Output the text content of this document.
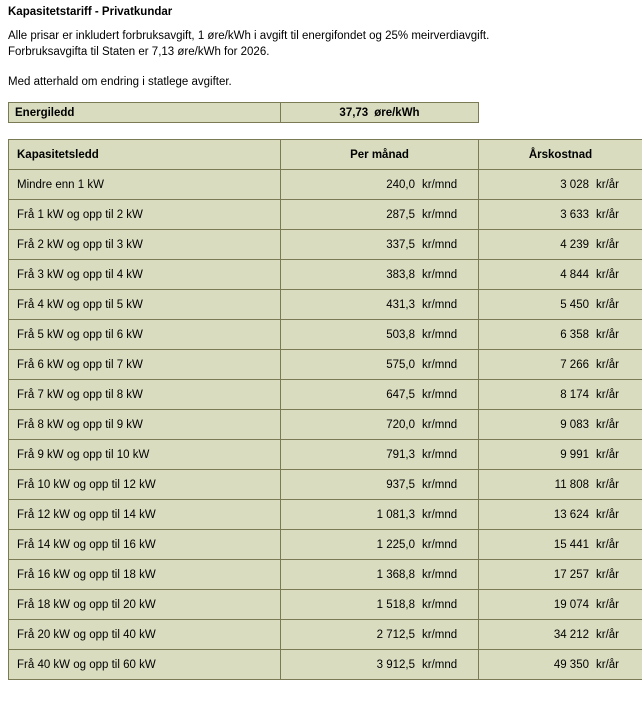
Kapasitetstariff - Privatkundar
Alle prisar er inkludert forbruksavgift, 1 øre/kWh i avgift til energifondet og 25% meirverdiavgift.
Forbruksavgifta til Staten er 7,13 øre/kWh for 2026.
Med atterhald om endring i statlege avgifter.
Energiledd	37,73 øre/kWh
Kapasitetsledd	Per månad	Årskostnad
Mindre enn 1 kW	240,0 kr/mnd	3 028 kr/år
Frå 1 kW og opp til 2 kW	287,5 kr/mnd	3 633 kr/år
Frå 2 kW og opp til 3 kW	337,5 kr/mnd	4 239 kr/år
Frå 3 kW og opp til 4 kW	383,8 kr/mnd	4 844 kr/år
Frå 4 kW og opp til 5 kW	431,3 kr/mnd	5 450 kr/år
Frå 5 kW og opp til 6 kW	503,8 kr/mnd	6 358 kr/år
Frå 6 kW og opp til 7 kW	575,0 kr/mnd	7 266 kr/år
Frå 7 kW og opp til 8 kW	647,5 kr/mnd	8 174 kr/år
Frå 8 kW og opp til 9 kW	720,0 kr/mnd	9 083 kr/år
Frå 9 kW og opp til 10 kW	791,3 kr/mnd	9 991 kr/år
Frå 10 kW og opp til 12 kW	937,5 kr/mnd	11 808 kr/år
Frå 12 kW og opp til 14 kW	1 081,3 kr/mnd	13 624 kr/år
Frå 14 kW og opp til 16 kW	1 225,0 kr/mnd	15 441 kr/år
Frå 16 kW og opp til 18 kW	1 368,8 kr/mnd	17 257 kr/år
Frå 18 kW og opp til 20 kW	1 518,8 kr/mnd	19 074 kr/år
Frå 20 kW og opp til 40 kW	2 712,5 kr/mnd	34 212 kr/år
Frå 40 kW og opp til 60 kW	3 912,5 kr/mnd	49 350 kr/år
